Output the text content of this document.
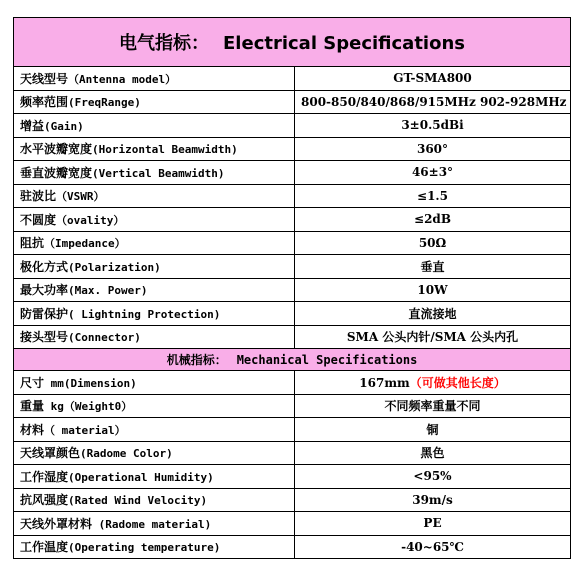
电气指标： Electrical Specifications	
天线型号（Antenna model）	GT-SMA800
频率范围(FreqRange)	800-850/840/868/915MHz 902-928MHz
增益(Gain)	3±0.5dBi
水平波瓣宽度(Horizontal Beamwidth)	360°
垂直波瓣宽度(Vertical Beamwidth)	46±3°
驻波比（VSWR）	≤1.5
不圆度（ovality）	≤2dB
阻抗（Impedance）	50Ω
极化方式(Polarization)	垂直
最大功率(Max. Power)	10W
防雷保护( Lightning Protection)	直流接地
接头型号(Connector)	SMA 公头内针/SMA 公头内孔
机械指标： Mechanical Specifications	
尺寸 mm(Dimension)	167mm（可做其他长度）
重量 kg（Weight0）	不同频率重量不同
材料（ material）	铜
天线罩颜色(Radome Color)	黑色
工作湿度(Operational Humidity)	<95%
抗风强度(Rated Wind Velocity)	39m/s
天线外罩材料 (Radome material)	PE
工作温度(Operating temperature)	-40~65℃
